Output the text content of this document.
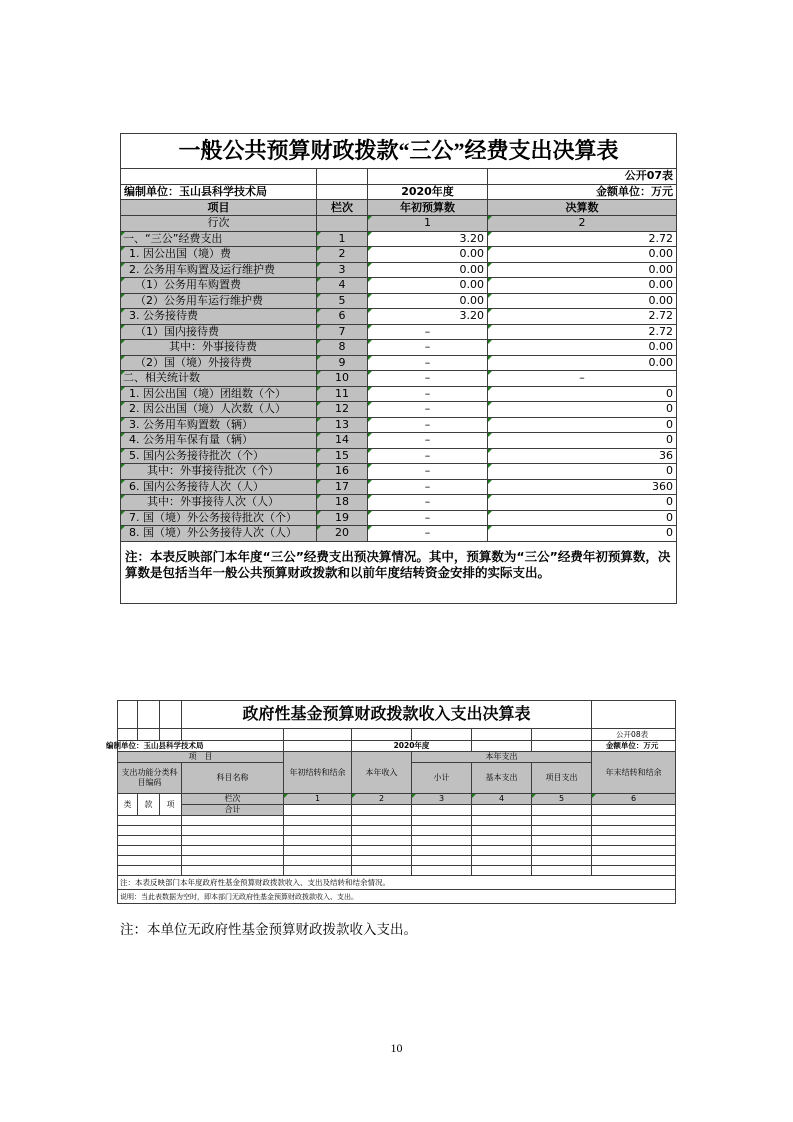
一般公共预算财政拨款“三公”经费支出决算表			
			公开07表
编制单位：玉山县科学技术局		2020年度	金额单位：万元
项目	栏次	年初预算数	决算数
行次		1	2
一、“三公”经费支出	1	3.20	2.72
1. 因公出国（境）费	2	0.00	0.00
2. 公务用车购置及运行维护费	3	0.00	0.00
（1）公务用车购置费	4	0.00	0.00
（2）公务用车运行维护费	5	0.00	0.00
3. 公务接待费	6	3.20	2.72
（1）国内接待费	7	–	2.72
其中：外事接待费	8	–	0.00
（2）国（境）外接待费	9	–	0.00
二、相关统计数	10	–	–
1. 因公出国（境）团组数（个）	11	–	0
2. 因公出国（境）人次数（人）	12	–	0
3. 公务用车购置数（辆）	13	–	0
4. 公务用车保有量（辆）	14	–	0
5. 国内公务接待批次（个）	15	–	36
其中：外事接待批次（个）	16	–	0
6. 国内公务接待人次（人）	17	–	360
其中：外事接待人次（人）	18	–	0
7. 国（境）外公务接待批次（个）	19	–	0
8. 国（境）外公务接待人次（人）	20	–	0
注：本表反映部门本年度“三公”经费支出预决算情况。其中，预算数为“三公”经费年初预算数，决算数是包括当年一般公共预算财政拨款和以前年度结转资金安排的实际支出。			
			政府性基金预算财政拨款收入支出决算表						
									公开08表
编制单位：玉山县科学技术局					2020年度				金额单位：万元
项　目				年初结转和结余	本年收入	本年支出			年末结转和结余
支出功能分类科目编码			科目名称			小计	基本支出	项目支出	
类	款	项	栏次	1	2	3	4	5	6
			合计						

注：本表反映部门本年度政府性基金预算财政拨款收入、支出及结转和结余情况。									
说明：当此表数据为空时，即本部门无政府性基金预算财政拨款收入、支出。									
注：本单位无政府性基金预算财政拨款收入支出。
10
